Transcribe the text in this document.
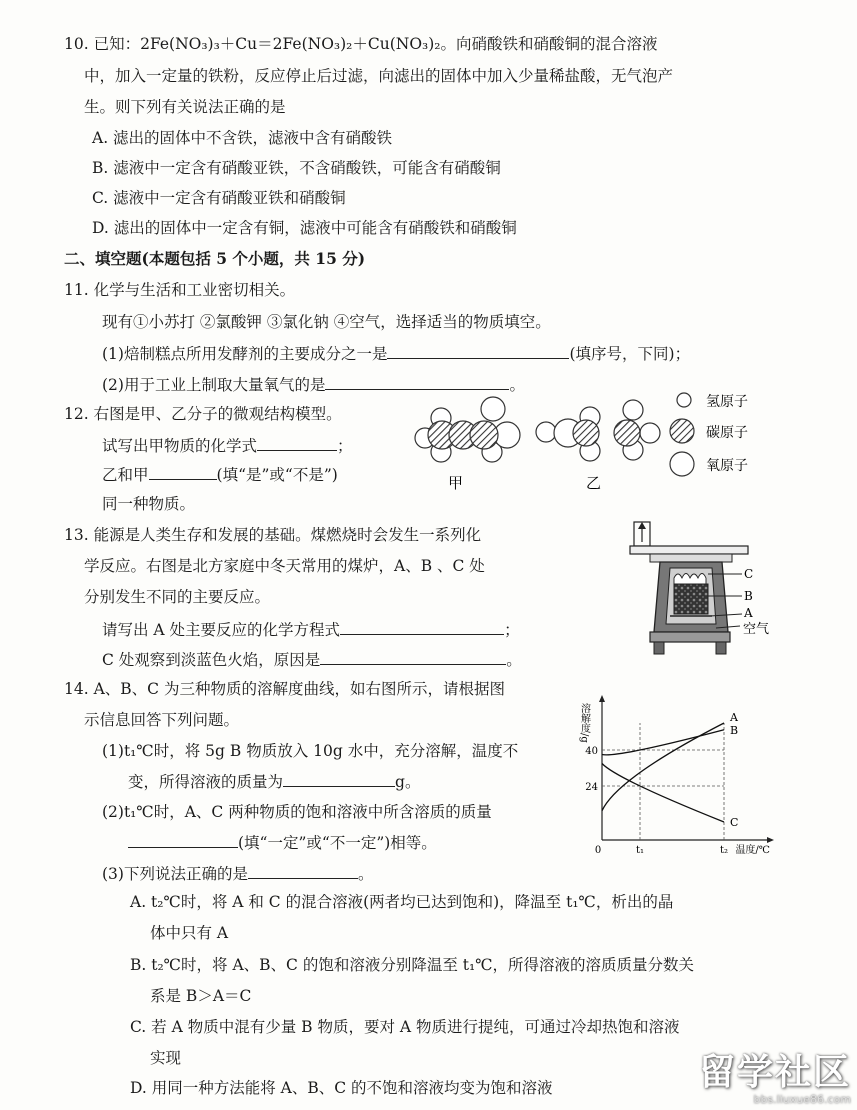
10. 已知：2Fe(NO₃)₃＋Cu＝2Fe(NO₃)₂＋Cu(NO₃)₂。向硝酸铁和硝酸铜的混合溶液
中，加入一定量的铁粉，反应停止后过滤，向滤出的固体中加入少量稀盐酸，无气泡产
生。则下列有关说法正确的是
A. 滤出的固体中不含铁，滤液中含有硝酸铁
B. 滤液中一定含有硝酸亚铁，不含硝酸铁，可能含有硝酸铜
C. 滤液中一定含有硝酸亚铁和硝酸铜
D. 滤出的固体中一定含有铜，滤液中可能含有硝酸铁和硝酸铜
二、填空题(本题包括 5 个小题，共 15 分)
11. 化学与生活和工业密切相关。
现有①小苏打 ②氯酸钾 ③氯化钠 ④空气，选择适当的物质填空。
(1)焙制糕点所用发酵剂的主要成分之一是	(填序号，下同)；
(2)用于工业上制取大量氧气的是	。
12. 右图是甲、乙分子的微观结构模型。
试写出甲物质的化学式	；
乙和甲	(填“是”或“不是”)
同一种物质。
甲	乙
氢原子
碳原子
氧原子
13. 能源是人类生存和发展的基础。煤燃烧时会发生一系列化
学反应。右图是北方家庭中冬天常用的煤炉，A、B 、C 处
分别发生不同的主要反应。
请写出 A 处主要反应的化学方程式	；
C 处观察到淡蓝色火焰，原因是	。
C
B
A
空气
14. A、B、C 为三种物质的溶解度曲线，如右图所示，请根据图
示信息回答下列问题。
(1)t₁℃时，将 5g B 物质放入 10g 水中，充分溶解，温度不
变，所得溶液的质量为	g。
(2)t₁℃时，A、C 两种物质的饱和溶液中所含溶质的质量
(填“一定”或“不一定”)相等。
(3)下列说法正确的是	。
A. t₂℃时，将 A 和 C 的混合溶液(两者均已达到饱和)，降温至 t₁℃，析出的晶
体中只有 A
B. t₂℃时，将 A、B、C 的饱和溶液分别降温至 t₁℃，所得溶液的溶质质量分数关
系是 B＞A＝C
C. 若 A 物质中混有少量 B 物质，要对 A 物质进行提纯，可通过冷却热饱和溶液
实现
D. 用同一种方法能将 A、B、C 的不饱和溶液均变为饱和溶液
24
40
0	t₁	t₂ 温度/℃
溶解度/g	A
B
C
留学社区
bbs.liuxue86.com
